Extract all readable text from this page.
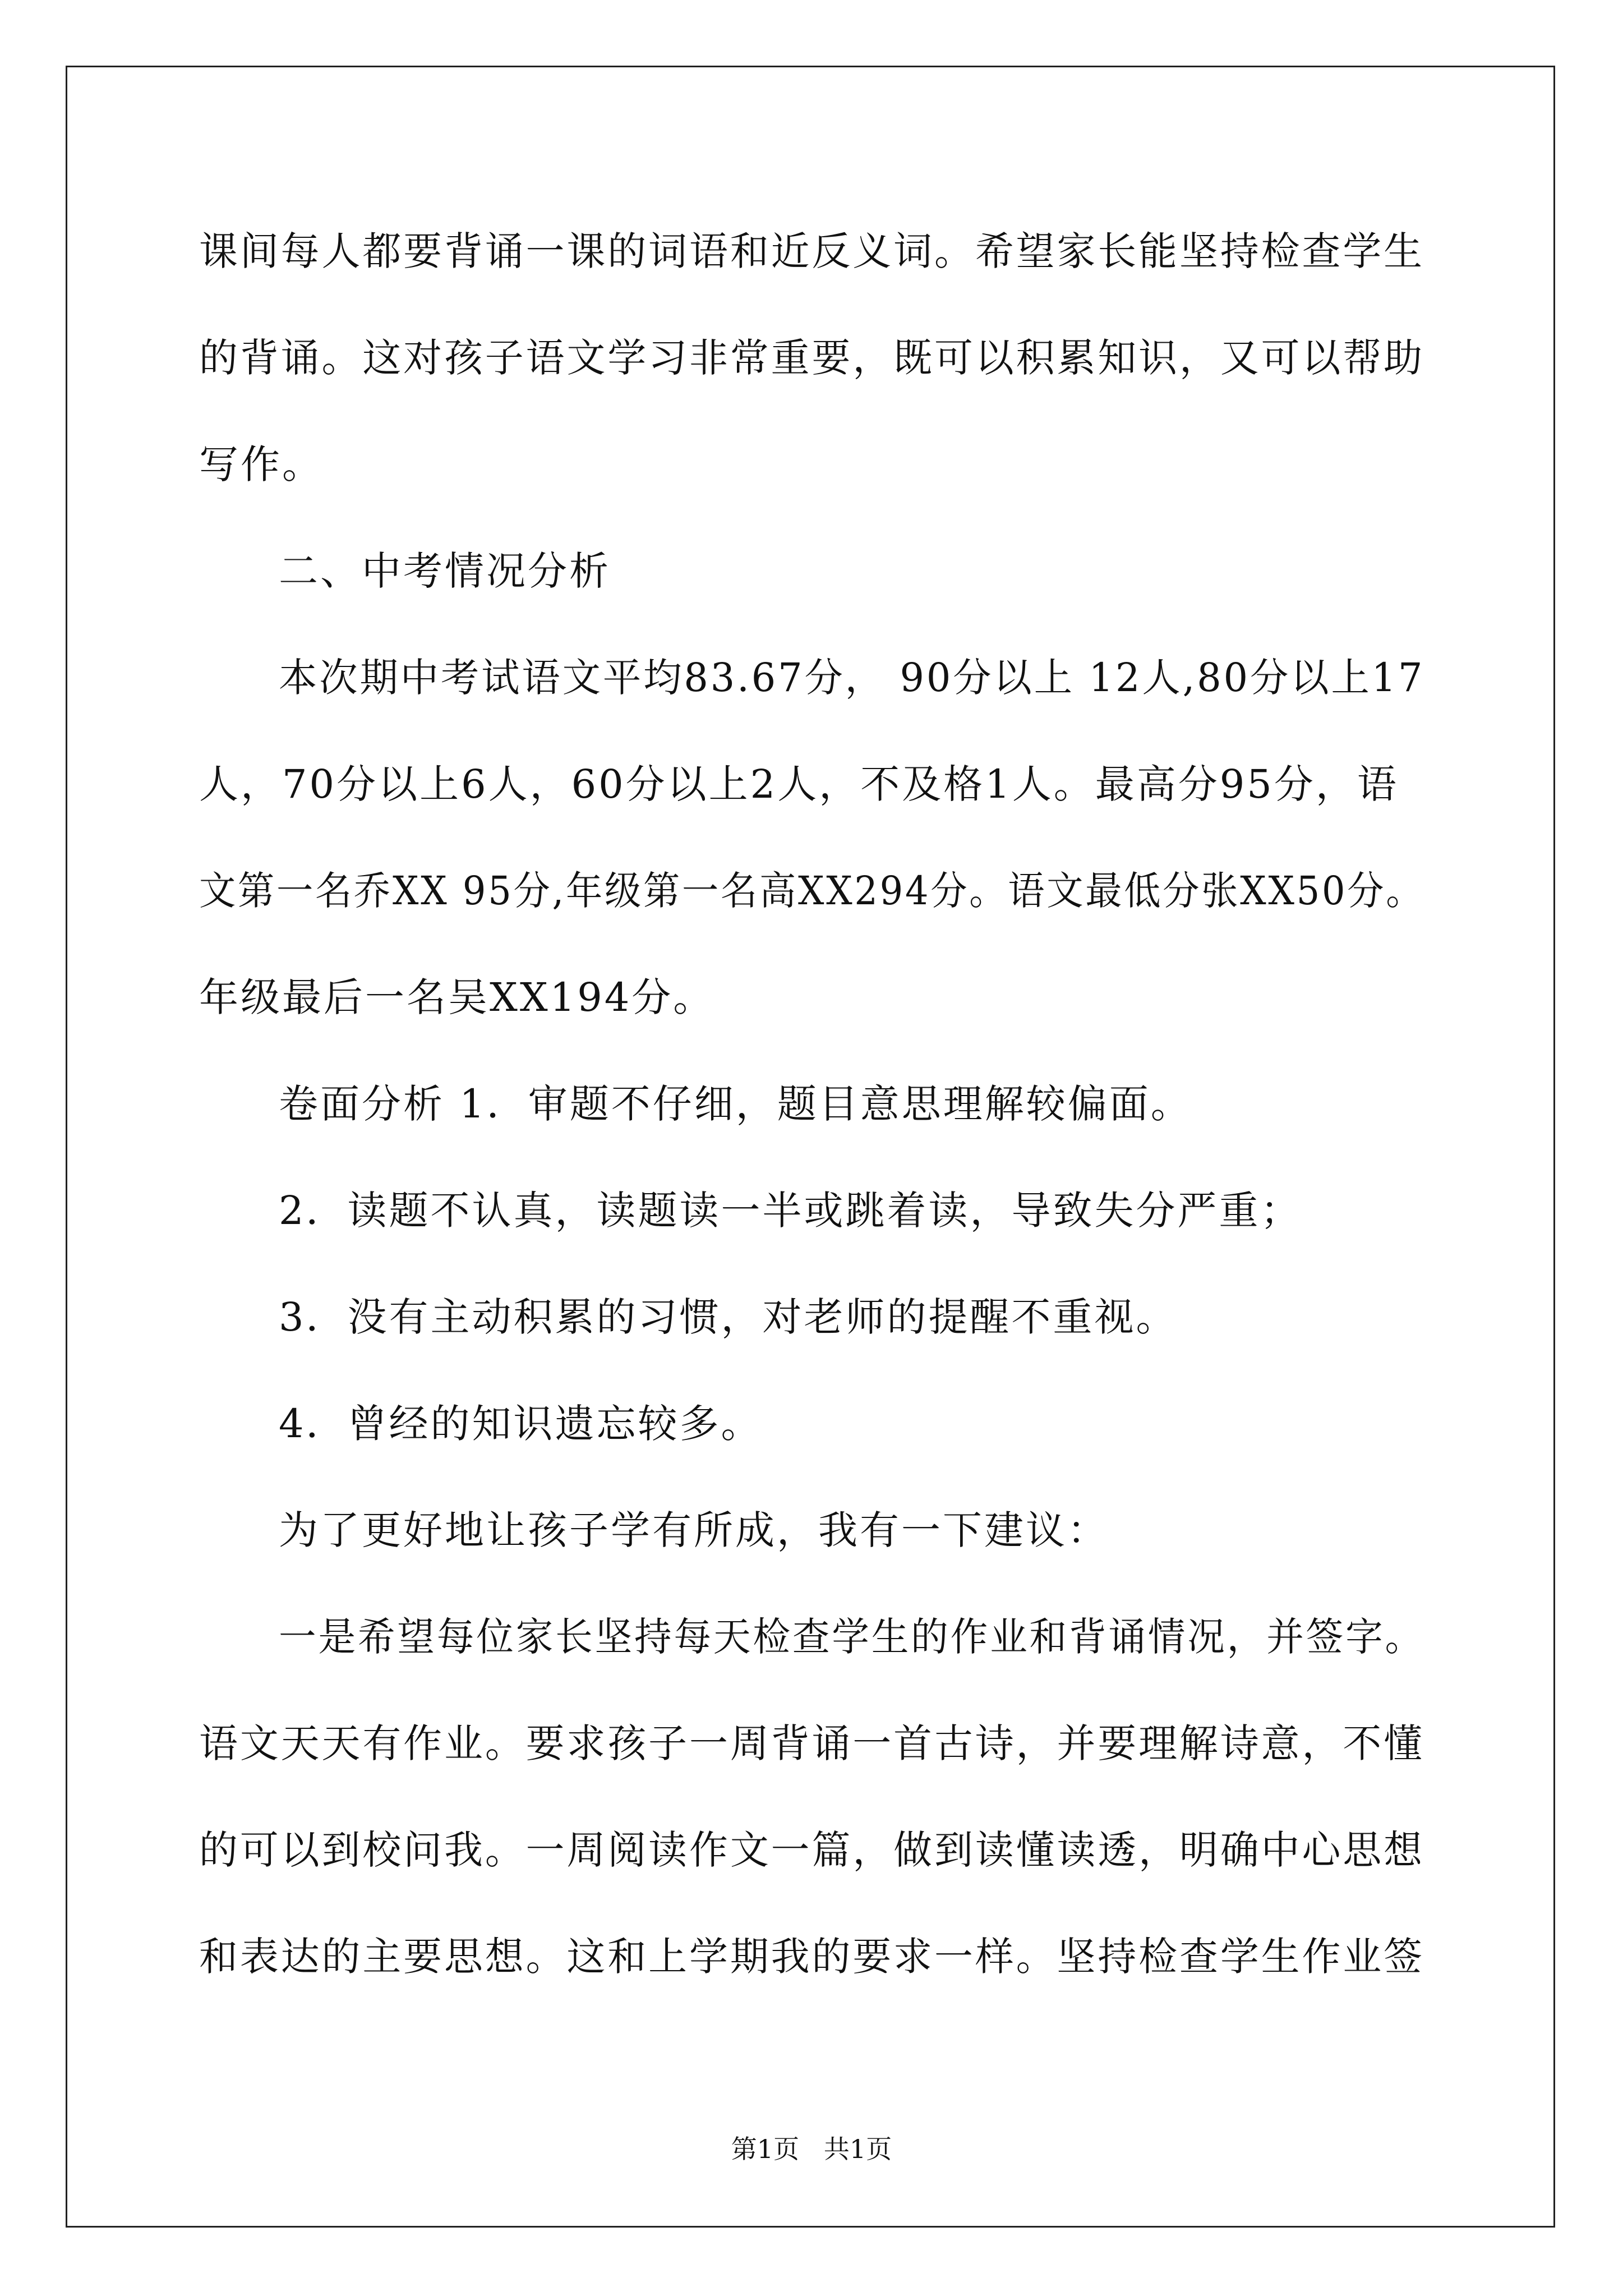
课间每人都要背诵一课的词语和近反义词。希望家长能坚持检查学生
的背诵。这对孩子语文学习非常重要，既可以积累知识，又可以帮助
写作。
二、中考情况分析
本次期中考试语文平均83.67分， 90分以上 12人,80分以上17
人，70分以上6人，60分以上2人，不及格1人。最高分95分，语
文第一名乔XX 95分,年级第一名高XX294分。语文最低分张XX50分。
年级最后一名吴XX194分。
卷面分析 1．审题不仔细，题目意思理解较偏面。
2．读题不认真，读题读一半或跳着读，导致失分严重；
3．没有主动积累的习惯，对老师的提醒不重视。
4．曾经的知识遗忘较多。
为了更好地让孩子学有所成，我有一下建议：
一是希望每位家长坚持每天检查学生的作业和背诵情况，并签字。
语文天天有作业。要求孩子一周背诵一首古诗，并要理解诗意，不懂
的可以到校问我。一周阅读作文一篇，做到读懂读透，明确中心思想
和表达的主要思想。这和上学期我的要求一样。坚持检查学生作业签
第1页   共1页
